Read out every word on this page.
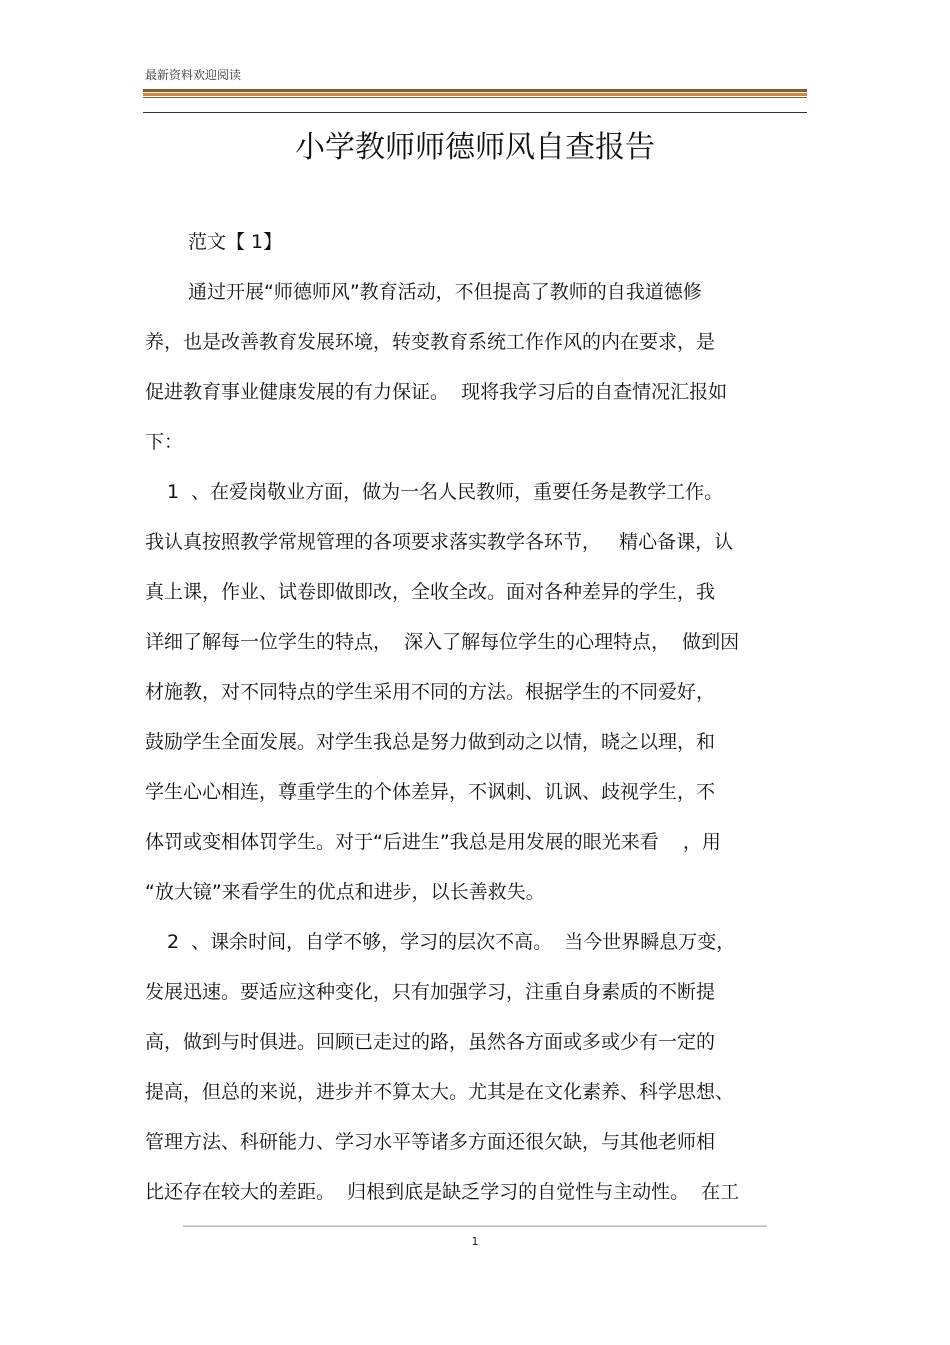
最新资料欢迎阅读
小学教师师德师风自查报告
范文【 1】
通过开展“师德师风”教育活动，不但提高了教师的自我道德修
养，也是改善教育发展环境，转变教育系统工作作风的内在要求，是
促进教育事业健康发展的有力保证。  现将我学习后的自查情况汇报如
下：
1  、在爱岗敬业方面，做为一名人民教师，重要任务是教学工作。
我认真按照教学常规管理的各项要求落实教学各环节，   精心备课，认
真上课，作业、试卷即做即改，全收全改。面对各种差异的学生，我
详细了解每一位学生的特点，  深入了解每位学生的心理特点，  做到因
材施教，对不同特点的学生采用不同的方法。根据学生的不同爱好，
鼓励学生全面发展。对学生我总是努力做到动之以情，晓之以理，和
学生心心相连，尊重学生的个体差异，不讽刺、讥讽、歧视学生，不
体罚或变相体罚学生。对于“后进生”我总是用发展的眼光来看    ，用
“放大镜”来看学生的优点和进步，以长善救失。
2  、课余时间，自学不够，学习的层次不高。  当今世界瞬息万变，
发展迅速。要适应这种变化，只有加强学习，注重自身素质的不断提
高，做到与时俱进。回顾已走过的路，虽然各方面或多或少有一定的
提高，但总的来说，进步并不算太大。尤其是在文化素养、科学思想、
管理方法、科研能力、学习水平等诸多方面还很欠缺，与其他老师相
比还存在较大的差距。  归根到底是缺乏学习的自觉性与主动性。  在工
1
